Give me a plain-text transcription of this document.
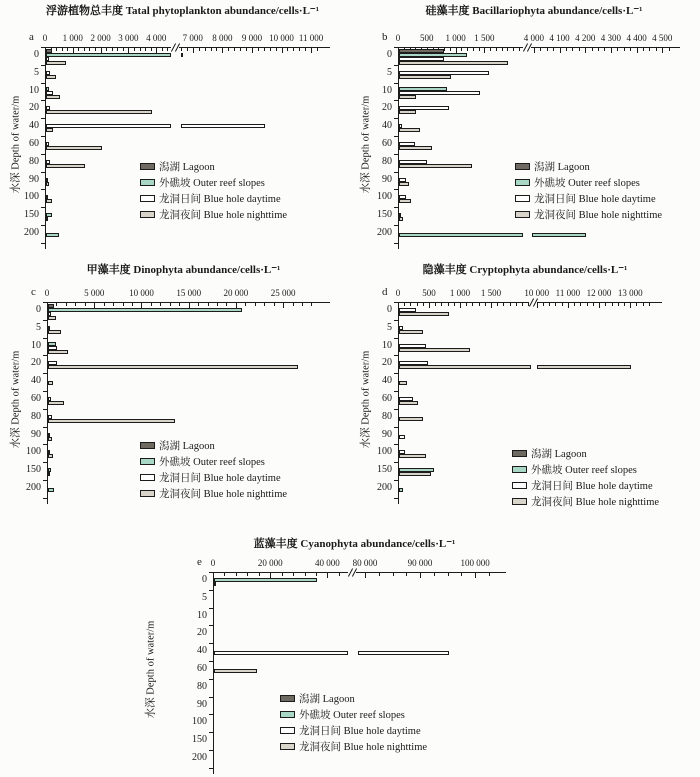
浮游植物总丰度 Tatal phytoplankton abundance/cells·L⁻¹
a
水深 Depth of water/m
0	1 000 2 000 3 000 4 000	7 000	8 000	9 000 10 000 11 000
0
5
10
20
40
60
80
90
100
150
200
潟湖 Lagoon
外礁坡 Outer reef slopes
龙洞日间 Blue hole daytime
龙洞夜间 Blue hole nighttime
硅藻丰度 Bacillariophyta abundance/cells·L⁻¹
b
水深 Depth of water/m
0	500	1 000 1 500	4 000 4 100 4 200 4 300 4 400 4 500
0
5
10
20
40
60
80
90
100
150
200
潟湖 Lagoon
外礁坡 Outer reef slopes
龙洞日间 Blue hole daytime
龙洞夜间 Blue hole nighttime
甲藻丰度 Dinophyta abundance/cells·L⁻¹
c
水深 Depth of water/m
0	5 000	10 000	15 000	20 000	25 000
0
5
10
20
40
60
80
90
100
150
200
潟湖 Lagoon
外礁坡 Outer reef slopes
龙洞日间 Blue hole daytime
龙洞夜间 Blue hole nighttime
隐藻丰度 Cryptophyta abundance/cells·L⁻¹
d
水深 Depth of water/m
0	500	1 000	1 500	10 000 11 000 12 000 13 000
0
5
10
20
40
60
80
90
100
150
200
潟湖 Lagoon
外礁坡 Outer reef slopes
龙洞日间 Blue hole daytime
龙洞夜间 Blue hole nighttime
蓝藻丰度 Cyanophyta abundance/cells·L⁻¹
e
水深 Depth of water/m
0	20 000	40 000	80 000	90 000	100 000
0
5
10
20
40
60
80
90
100
150
200
潟湖 Lagoon
外礁坡 Outer reef slopes
龙洞日间 Blue hole daytime
龙洞夜间 Blue hole nighttime
